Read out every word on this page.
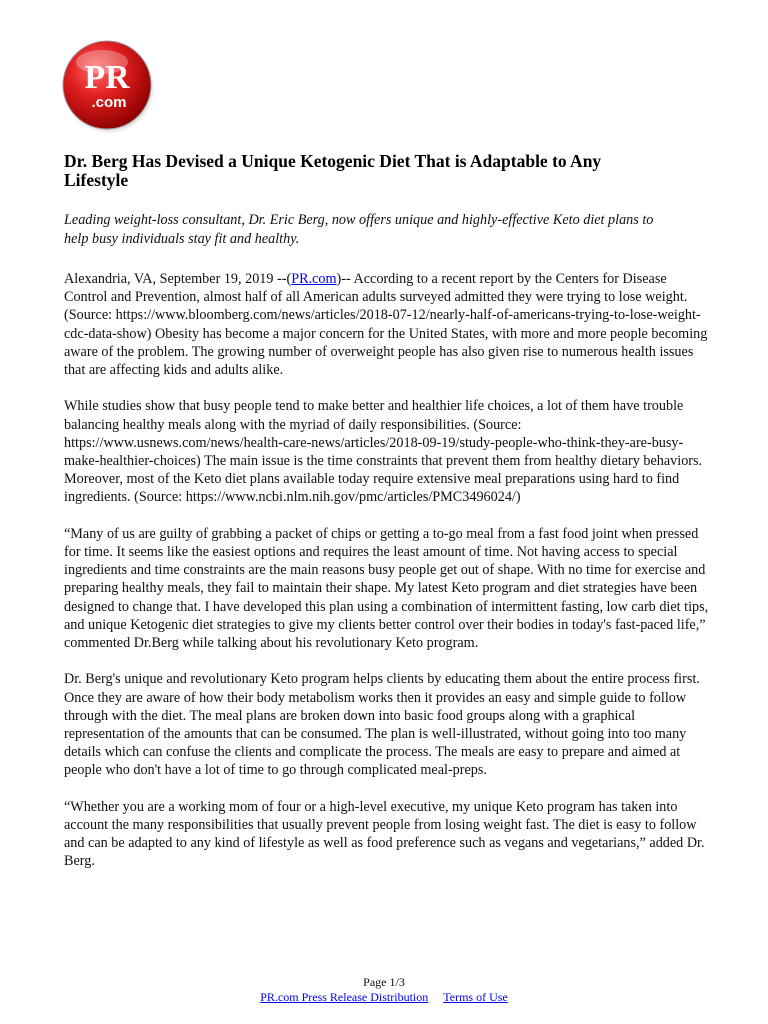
PR
.com
Dr. Berg Has Devised a Unique Ketogenic Diet That is Adaptable to Any Lifestyle

Leading weight-loss consultant, Dr. Eric Berg, now offers unique and highly-effective Keto diet plans to help busy individuals stay fit and healthy.

Alexandria, VA, September 19, 2019 --(PR.com)-- According to a recent report by the Centers for Disease Control and Prevention, almost half of all American adults surveyed admitted they were trying to lose weight. (Source: https://www.bloomberg.com/news/articles/2018-07-12/nearly-half-of-americans-trying-to-lose-weight-cdc-data-show) Obesity has become a major concern for the United States, with more and more people becoming aware of the problem. The growing number of overweight people has also given rise to numerous health issues that are affecting kids and adults alike.

While studies show that busy people tend to make better and healthier life choices, a lot of them have trouble balancing healthy meals along with the myriad of daily responsibilities. (Source: https://www.usnews.com/news/health-care-news/articles/2018-09-19/study-people-who-think-they-are-busy-make-healthier-choices) The main issue is the time constraints that prevent them from healthy dietary behaviors. Moreover, most of the Keto diet plans available today require extensive meal preparations using hard to find ingredients. (Source: https://www.ncbi.nlm.nih.gov/pmc/articles/PMC3496024/)

“Many of us are guilty of grabbing a packet of chips or getting a to-go meal from a fast food joint when pressed for time. It seems like the easiest options and requires the least amount of time. Not having access to special ingredients and time constraints are the main reasons busy people get out of shape. With no time for exercise and preparing healthy meals, they fail to maintain their shape. My latest Keto program and diet strategies have been designed to change that. I have developed this plan using a combination of intermittent fasting, low carb diet tips, and unique Ketogenic diet strategies to give my clients better control over their bodies in today's fast-paced life,” commented Dr.Berg while talking about his revolutionary Keto program.

Dr. Berg's unique and revolutionary Keto program helps clients by educating them about the entire process first. Once they are aware of how their body metabolism works then it provides an easy and simple guide to follow through with the diet. The meal plans are broken down into basic food groups along with a graphical representation of the amounts that can be consumed. The plan is well-illustrated, without going into too many details which can confuse the clients and complicate the process. The meals are easy to prepare and aimed at people who don't have a lot of time to go through complicated meal-preps.

“Whether you are a working mom of four or a high-level executive, my unique Keto program has taken into account the many responsibilities that usually prevent people from losing weight fast. The diet is easy to follow and can be adapted to any kind of lifestyle as well as food preference such as vegans and vegetarians,” added Dr. Berg.

Page 1/3
PR.com Press Release Distribution Terms of Use
